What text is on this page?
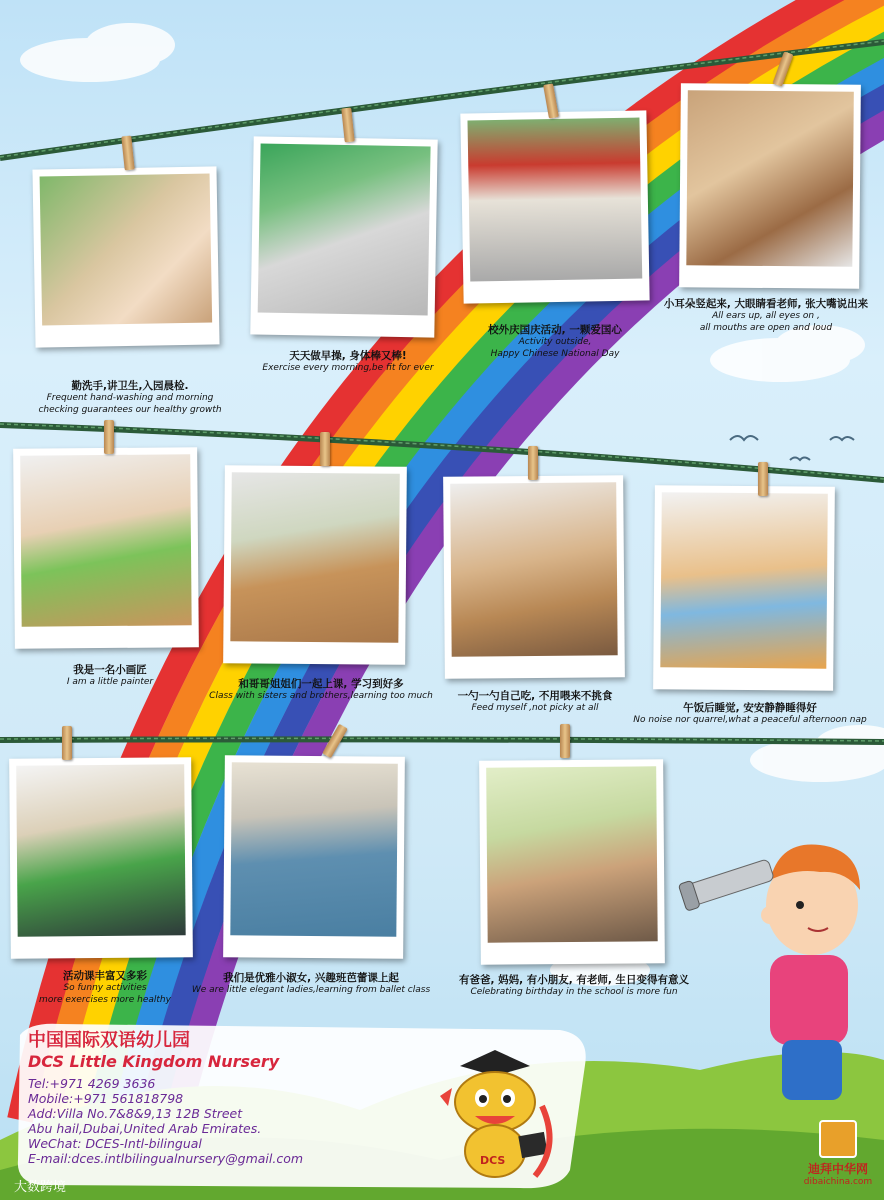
勤洗手,讲卫生,入园晨检.
Frequent hand-washing and morning
checking guarantees our healthy growth
天天做早操, 身体棒又棒!
Exercise every morning,be fit for ever
校外庆国庆活动, 一颗爱国心
Activity outside,
Happy Chinese National Day
小耳朵竖起来, 大眼睛看老师, 张大嘴说出来
All ears up, all eyes on ,
all mouths are open and loud
我是一名小画匠
I am a little painter	和哥哥姐姐们一起上课, 学习到好多
Class with sisters and brothers,learning too much	一勺一勺自己吃, 不用喂来不挑食
Feed myself ,not picky at all	午饭后睡觉, 安安静静睡得好
No noise nor quarrel,what a peaceful afternoon nap
活动课丰富又多彩
So funny activities
more exercises more healthy
我们是优雅小淑女, 兴趣班芭蕾课上起
We are little elegant ladies,learning from ballet class
有爸爸, 妈妈, 有小朋友, 有老师, 生日变得有意义
Celebrating birthday in the school is more fun
中国国际双语幼儿园
DCS Little Kingdom Nursery
Tel:+971 4269 3636
Mobile:+971 561818798
Add:Villa No.7&8&9,13 12B Street
Abu hail,Dubai,United Arab Emirates.
WeChat: DCES-Intl-bilingual
E-mail:dces.intlbilingualnursery@gmail.com	DCS
大数跨境
迪拜中华网
dibaichina.com
